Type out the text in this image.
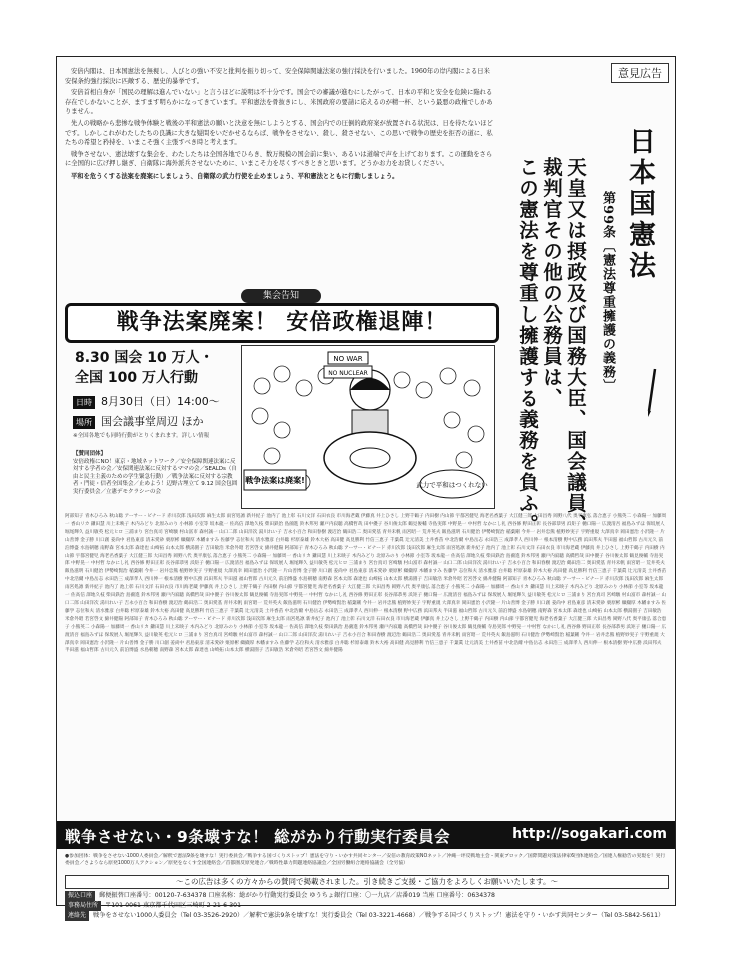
意見広告

安倍内閣は、日本国憲法を無視し、人びとの強い不安と批判を振り切って、安全保障関連法案の強行採決を行いました。1960年の岸内閣による日米安保条約強行採決に匹敵する、歴史的暴挙です。

安倍首相自身が「国民の理解は進んでいない」と言うほどに説明は不十分です。国会での審議が進むにしたがって、日本の平和と安全を危険に陥れる存在でしかないことが、ますます明らかになってきています。平和憲法を骨抜きにし、米国政府の要請に応えるのが精一杯、という最悪の政権でしかありません。

先人の戦略から悲惨な戦争体験と戦後の平和憲法の願いと決意を無にしようとする、国会内での圧倒的政府案が放置される状況は、日を待たないほどです。しかしこれがわたしたちの良識に大きな疑問をいだかせるならば、戦争をさせない、殺し、殺させない、この思いで戦争の歴史を拒否の道に、私たちの希望と矜持を、いまこそ強く主張すべき時と考えます。

戦争させない、憲法壊すな集会を、わたしたちは全国各地でひらき、数万規模の国会前に集い、あるいは道端で声を上げております。この運動をさらに全国的に広げ押し継ぎ、自衛隊に海外派兵させないために、いまこそ力を尽くすべきときと思います。どうかお力をお貸しください。

平和を危うくする法案を廃案にしましょう、自衛隊の武力行使を止めましょう、平和憲法とともに行動しましょう。	日本国憲法
第99条〔憲法尊重擁護の義務〕
天皇又は摂政及び国務大臣、国会議員、
裁判官その他の公務員は、
この憲法を尊重し擁護する義務を負ふ。
集会告知
戦争法案廃案！ 安倍政権退陣！
8.30 国会 10 万人・
全国 100 万人行動
日時 8月30日（日）14:00〜
場所 国会議事堂周辺 ほか
※全国各地でも同時行動がとりくまれます。詳しい情報
【賛同団体】
安倍政権にNO！東京・地域ネットワーク／安全保障関連法案に反対する学者の会／安保関連法案に反対するママの会／SEALDs（自由と民主主義のための学生緊急行動）／戦争法案に反対する宗教者・門徒・信者全国集会／止めよう！辺野古埋立て 9.12 国会包囲実行委員会／立憲デモクラシーの会
NO WAR
NO NUCLEAR
戦争法案は廃案!	武力で平和はつくれない
阿部知子 青木ひろみ 秋山聡 アーサー・ビナード 赤川次郎 浅田次郎 麻生太郎 雨宮処凛 新井紀子 池内了 池上彰 石川文洋 石田衣良 市川海老蔵 伊藤真 井上ひさし 上野千鶴子 内田樹 内山節 宇都宮健児 海老名香葉子 大江健三郎 大田昌秀 岡野八代 奥平康弘 落合恵子 小熊英二 小森陽一 加藤周一 香山リカ 鎌田慧 川上未映子 木内みどり 北原みのり 小林節 小室等 坂本龍一 佐高信 澤地久枝 柴田鉄治 島薗進 鈴木邦男 瀬戸内寂聴 高橋哲哉 田中優子 谷川俊太郎 鶴見俊輔 寺島実郎 中野晃一 中村哲 なかにし礼 西谷修 野田正彰 長谷部恭男 浜矩子 樋口陽一 広渡清吾 福島みずほ 保坂展人 堀尾輝久 益川敏英 松元ヒロ 三浦まり 宮台真司 宮崎駿 村山富市 森村誠一 山口二郎 山田洋次 湯川れい子 吉永小百合 和田春樹 渡辺治 鶴田浩二 奥田愛基 青井未帆 雨宮昭一 荒井英夫 飯島滋明 石川健治 伊勢崎賢治 稲葉剛 今井一 岩井忠熊 植野妙実子 宇野重規 大澤真幸 岡田憲治 小沢隆一 片山善博 金子勝 川口創 姜尚中 君島東彦 清末愛砂 栗原彬 纐纈厚 木幡ますみ 佐藤学 志位和夫 清水雅彦 白井聡 杉原泰雄 鈴木大裕 高田健 高見勝利 竹信三恵子 千葉眞 辻元清美 土井香苗 中北浩爾 中島岳志 永田浩三 成澤孝人 西川伸一 根本清樹 野中広務 浜田邦夫 半田滋 福山哲郎 古川元久 前泊博盛 水島朝穂 南野森 宮本太郎 森達也 山崎拓 山本太郎 横湯園子 吉田敏浩 米倉外昭 若宮啓文 綿井健陽 阿部知子 青木ひろみ 秋山聡 アーサー・ビナード 赤川次郎 浅田次郎 麻生太郎 雨宮処凛 新井紀子 池内了 池上彰 石川文洋 石田衣良 市川海老蔵 伊藤真 井上ひさし 上野千鶴子 内田樹 内山節 宇都宮健児 海老名香葉子 大江健三郎 大田昌秀 岡野八代 奥平康弘 落合恵子 小熊英二 小森陽一 加藤周一 香山リカ 鎌田慧 川上未映子 木内みどり 北原みのり 小林節 小室等 坂本龍一 佐高信 澤地久枝 柴田鉄治 島薗進 鈴木邦男 瀬戸内寂聴 高橋哲哉 田中優子 谷川俊太郎 鶴見俊輔 寺島実郎 中野晃一 中村哲 なかにし礼 西谷修 野田正彰 長谷部恭男 浜矩子 樋口陽一 広渡清吾 福島みずほ 保坂展人 堀尾輝久 益川敏英 松元ヒロ 三浦まり 宮台真司 宮崎駿 村山富市 森村誠一 山口二郎 山田洋次 湯川れい子 吉永小百合 和田春樹 渡辺治 鶴田浩二 奥田愛基 青井未帆 雨宮昭一 荒井英夫 飯島滋明 石川健治 伊勢崎賢治 稲葉剛 今井一 岩井忠熊 植野妙実子 宇野重規 大澤真幸 岡田憲治 小沢隆一 片山善博 金子勝 川口創 姜尚中 君島東彦 清末愛砂 栗原彬 纐纈厚 木幡ますみ 佐藤学 志位和夫 清水雅彦 白井聡 杉原泰雄 鈴木大裕 高田健 高見勝利 竹信三恵子 千葉眞 辻元清美 土井香苗 中北浩爾 中島岳志 永田浩三 成澤孝人 西川伸一 根本清樹 野中広務 浜田邦夫 半田滋 福山哲郎 古川元久 前泊博盛 水島朝穂 南野森 宮本太郎 森達也 山崎拓 山本太郎 横湯園子 吉田敏浩 米倉外昭 若宮啓文 綿井健陽 阿部知子 青木ひろみ 秋山聡 アーサー・ビナード 赤川次郎 浅田次郎 麻生太郎 雨宮処凛 新井紀子 池内了 池上彰 石川文洋 石田衣良 市川海老蔵 伊藤真 井上ひさし 上野千鶴子 内田樹 内山節 宇都宮健児 海老名香葉子 大江健三郎 大田昌秀 岡野八代 奥平康弘 落合恵子 小熊英二 小森陽一 加藤周一 香山リカ 鎌田慧 川上未映子 木内みどり 北原みのり 小林節 小室等 坂本龍一 佐高信 澤地久枝 柴田鉄治 島薗進 鈴木邦男 瀬戸内寂聴 高橋哲哉 田中優子 谷川俊太郎 鶴見俊輔 寺島実郎 中野晃一 中村哲 なかにし礼 西谷修 野田正彰 長谷部恭男 浜矩子 樋口陽一 広渡清吾 福島みずほ 保坂展人 堀尾輝久 益川敏英 松元ヒロ 三浦まり 宮台真司 宮崎駿 村山富市 森村誠一 山口二郎 山田洋次 湯川れい子 吉永小百合 和田春樹 渡辺治 鶴田浩二 奥田愛基 青井未帆 雨宮昭一 荒井英夫 飯島滋明 石川健治 伊勢崎賢治 稲葉剛 今井一 岩井忠熊 植野妙実子 宇野重規 大澤真幸 岡田憲治 小沢隆一 片山善博 金子勝 川口創 姜尚中 君島東彦 清末愛砂 栗原彬 纐纈厚 木幡ますみ 佐藤学 志位和夫 清水雅彦 白井聡 杉原泰雄 鈴木大裕 高田健 高見勝利 竹信三恵子 千葉眞 辻元清美 土井香苗 中北浩爾 中島岳志 永田浩三 成澤孝人 西川伸一 根本清樹 野中広務 浜田邦夫 半田滋 福山哲郎 古川元久 前泊博盛 水島朝穂 南野森 宮本太郎 森達也 山崎拓 山本太郎 横湯園子 吉田敏浩 米倉外昭 若宮啓文 綿井健陽 阿部知子 青木ひろみ 秋山聡 アーサー・ビナード 赤川次郎 浅田次郎 麻生太郎 雨宮処凛 新井紀子 池内了 池上彰 石川文洋 石田衣良 市川海老蔵 伊藤真 井上ひさし 上野千鶴子 内田樹 内山節 宇都宮健児 海老名香葉子 大江健三郎 大田昌秀 岡野八代 奥平康弘 落合恵子 小熊英二 小森陽一 加藤周一 香山リカ 鎌田慧 川上未映子 木内みどり 北原みのり 小林節 小室等 坂本龍一 佐高信 澤地久枝 柴田鉄治 島薗進 鈴木邦男 瀬戸内寂聴 高橋哲哉 田中優子 谷川俊太郎 鶴見俊輔 寺島実郎 中野晃一 中村哲 なかにし礼 西谷修 野田正彰 長谷部恭男 浜矩子 樋口陽一 広渡清吾 福島みずほ 保坂展人 堀尾輝久 益川敏英 松元ヒロ 三浦まり 宮台真司 宮崎駿 村山富市 森村誠一 山口二郎 山田洋次 湯川れい子 吉永小百合 和田春樹 渡辺治 鶴田浩二 奥田愛基 青井未帆 雨宮昭一 荒井英夫 飯島滋明 石川健治 伊勢崎賢治 稲葉剛 今井一 岩井忠熊 植野妙実子 宇野重規 大澤真幸 岡田憲治 小沢隆一 片山善博 金子勝 川口創 姜尚中 君島東彦 清末愛砂 栗原彬 纐纈厚 木幡ますみ 佐藤学 志位和夫 清水雅彦 白井聡 杉原泰雄 鈴木大裕 高田健 高見勝利 竹信三恵子 千葉眞 辻元清美 土井香苗 中北浩爾 中島岳志 永田浩三 成澤孝人 西川伸一 根本清樹 野中広務 浜田邦夫 半田滋 福山哲郎 古川元久 前泊博盛 水島朝穂 南野森 宮本太郎 森達也 山崎拓 山本太郎 横湯園子 吉田敏浩 米倉外昭 若宮啓文 綿井健陽
戦争させない・9条壊すな！ 総がかり行動実行委員会	http://sogakari.com
●参加団体：戦争をさせない1000人委員会／解釈で憲法9条を壊すな！実行委員会／戦争する国づくりストップ！憲法を守り・いかす共同センター／安倍の教育政策NOネット／沖縄一坪反戦地主会・関東ブロック／国際問題対策法律家6団体連絡会／国連人権勧告の実現を！実行委員会／さようなら原発1000万人アクション／原発をなくす全国連絡会／首都圏反原発連合／戦時性暴力問題連絡協議会／全国労働組合連絡協議会（全労協）
〜この広告は多くの方々からの賛同で掲載されました。引き続きご支援・ご協力をよろしくお願いいたします。〜
振込口座 郵便振替口座番号：00120-7-634378 口座名称：総がかり行動実行委員会 ゆうちょ銀行口座：〇一九店／店番019 当座 口座番号：0634378
事務局住所 〒101-0061 東京都千代田区三崎町 2-21-6-301
連絡先 戦争をさせない1000人委員会（Tel 03-3526-2920）／解釈で憲法9条を壊すな！実行委員会（Tel 03-3221-4668）／戦争する国づくりストップ！憲法を守り・いかす共同センター（Tel 03-5842-5611）
